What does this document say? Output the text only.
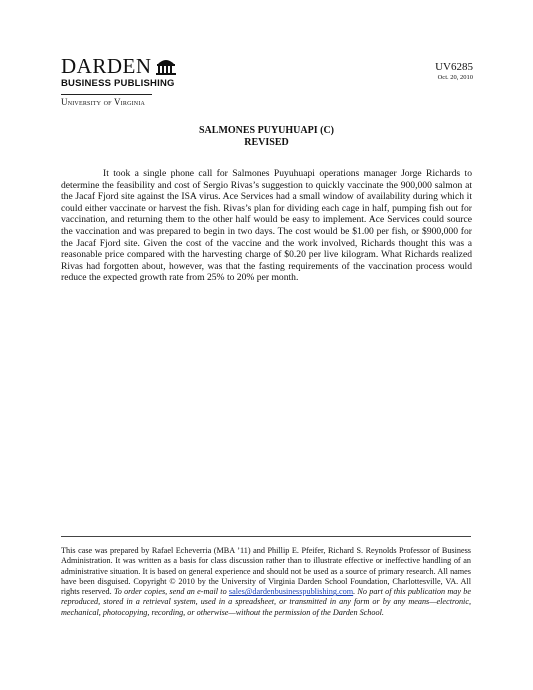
DARDEN
BUSINESS PUBLISHING
University of Virginia
UV6285
Oct. 20, 2010
SALMONES PUYUHUAPI (C)
REVISED

It took a single phone call for Salmones Puyuhuapi operations manager Jorge Richards to determine the feasibility and cost of Sergio Rivas’s suggestion to quickly vaccinate the 900,000 salmon at the Jacaf Fjord site against the ISA virus. Ace Services had a small window of availability during which it could either vaccinate or harvest the fish. Rivas’s plan for dividing each cage in half, pumping fish out for vaccination, and returning them to the other half would be easy to implement. Ace Services could source the vaccination and was prepared to begin in two days. The cost would be $1.00 per fish, or $900,000 for the Jacaf Fjord site. Given the cost of the vaccine and the work involved, Richards thought this was a reasonable price compared with the harvesting charge of $0.20 per live kilogram. What Richards realized Rivas had forgotten about, however, was that the fasting requirements of the vaccination process would reduce the expected growth rate from 25% to 20% per month.

This case was prepared by Rafael Echeverria (MBA ’11) and Phillip E. Pfeifer, Richard S. Reynolds Professor of Business Administration. It was written as a basis for class discussion rather than to illustrate effective or ineffective handling of an administrative situation. It is based on general experience and should not be used as a source of primary research. All names have been disguised. Copyright © 2010 by the University of Virginia Darden School Foundation, Charlottesville, VA. All rights reserved. To order copies, send an e-mail to sales@dardenbusinesspublishing.com. No part of this publication may be reproduced, stored in a retrieval system, used in a spreadsheet, or transmitted in any form or by any means—electronic, mechanical, photocopying, recording, or otherwise—without the permission of the Darden School.
